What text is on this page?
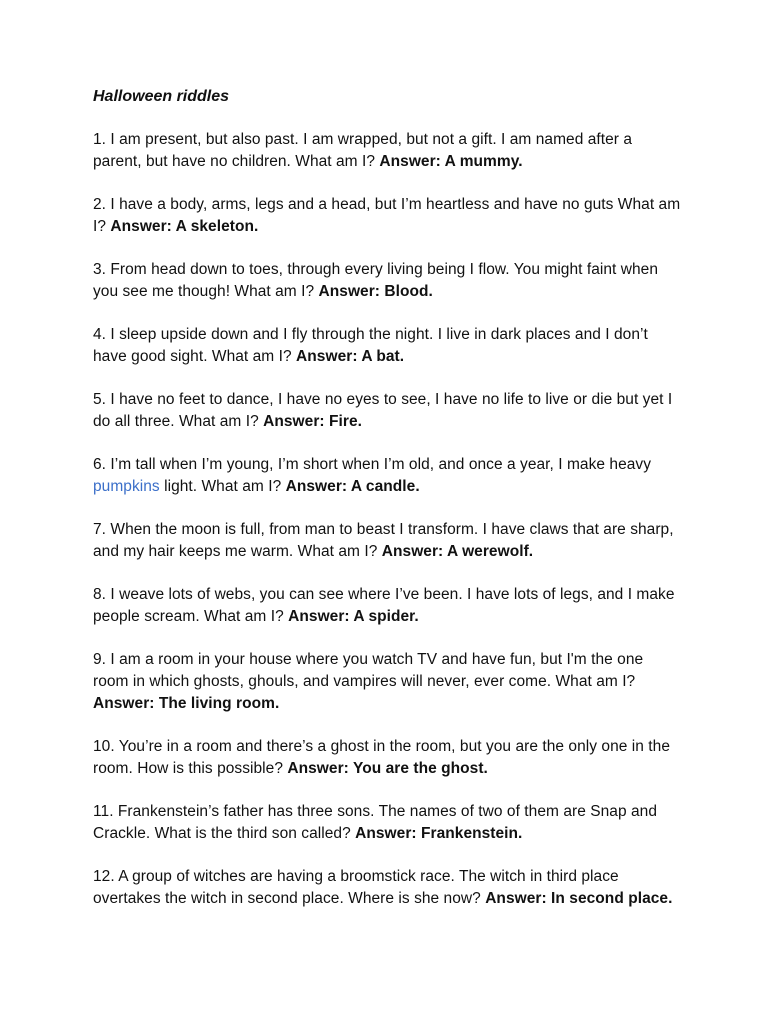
Halloween riddles

1. I am present, but also past. I am wrapped, but not a gift. I am named after a parent, but have no children. What am I? Answer: A mummy.

2. I have a body, arms, legs and a head, but I’m heartless and have no guts What am I? Answer: A skeleton.

3. From head down to toes, through every living being I flow. You might faint when you see me though! What am I? Answer: Blood.

4. I sleep upside down and I fly through the night. I live in dark places and I don’t have good sight. What am I? Answer: A bat.

5. I have no feet to dance, I have no eyes to see, I have no life to live or die but yet I do all three. What am I? Answer: Fire.

6. I’m tall when I’m young, I’m short when I’m old, and once a year, I make heavy pumpkins light. What am I? Answer: A candle.

7. When the moon is full, from man to beast I transform. I have claws that are sharp, and my hair keeps me warm. What am I? Answer: A werewolf.

8. I weave lots of webs, you can see where I’ve been. I have lots of legs, and I make people scream. What am I? Answer: A spider.

9. I am a room in your house where you watch TV and have fun, but I'm the one room in which ghosts, ghouls, and vampires will never, ever come. What am I? Answer: The living room.

10. You’re in a room and there’s a ghost in the room, but you are the only one in the room. How is this possible? Answer: You are the ghost.

11. Frankenstein’s father has three sons. The names of two of them are Snap and Crackle. What is the third son called? Answer: Frankenstein.

12. A group of witches are having a broomstick race. The witch in third place overtakes the witch in second place. Where is she now? Answer: In second place.
